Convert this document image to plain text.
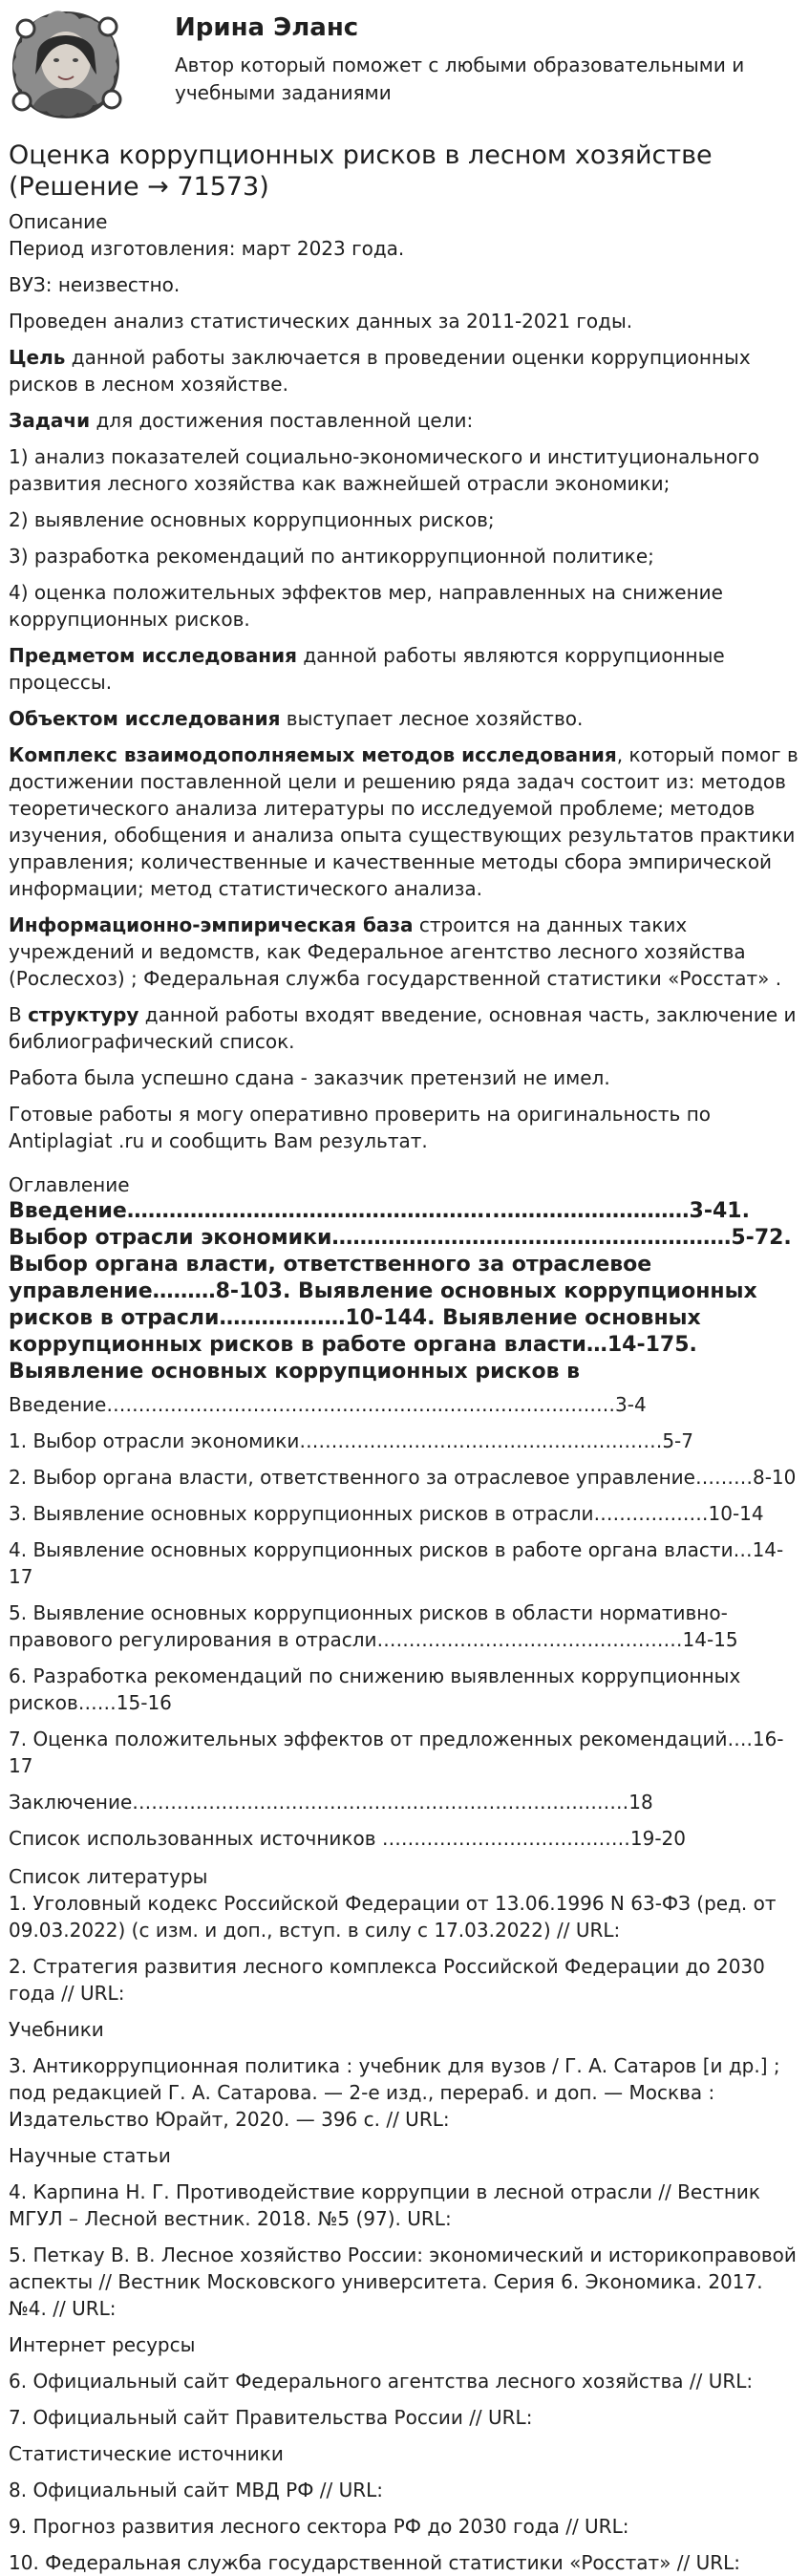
Ирина Эланс
Автор который поможет с любыми образовательными и учебными заданиями
Оценка коррупционных рисков в лесном хозяйстве (Решение → 71573)
Описание

Период изготовления: март 2023 года.

ВУЗ: неизвестно.

Проведен анализ статистических данных за 2011-2021 годы.

Цель данной работы заключается в проведении оценки коррупционных рисков в лесном хозяйстве.

Задачи для достижения поставленной цели:

1) анализ показателей социально-экономического и институционального развития лесного хозяйства как важнейшей отрасли экономики;

2) выявление основных коррупционных рисков;

3) разработка рекомендаций по антикоррупционной политике;

4) оценка положительных эффектов мер, направленных на снижение коррупционных рисков.

Предметом исследования данной работы являются коррупционные процессы.

Объектом исследования выступает лесное хозяйство.

Комплекс взаимодополняемых методов исследования, который помог в достижении поставленной цели и решению ряда задач состоит из: методов теоретического анализа литературы по исследуемой проблеме; методов изучения, обобщения и анализа опыта существующих результатов практики управления; количественные и качественные методы сбора эмпирической информации; метод статистического анализа.

Информационно-эмпирическая база строится на данных таких учреждений и ведомств, как Федеральное агентство лесного хозяйства (Рослесхоз) ; Федеральная служба государственной статистики «Росстат» .

В структуру данной работы входят введение, основная часть, заключение и библиографический список.

Работа была успешно сдана - заказчик претензий не имел.

Готовые работы я могу оперативно проверить на оригинальность по Antiplagiat .ru и сообщить Вам результат.

Оглавление
Введение……………………………………………..………………………3-41. Выбор отрасли экономики…………………………………………………5-72. Выбор органа власти, ответственного за отраслевое управление………8-103. Выявление основных коррупционных рисков в отрасли………………10-144. Выявление основных коррупционных рисков в работе органа власти…14-175. Выявление основных коррупционных рисков в

Введение……………………………………………..………………………3-4

1. Выбор отрасли экономики…………………………………………………5-7

2. Выбор органа власти, ответственного за отраслевое управление………8-10

3. Выявление основных коррупционных рисков в отрасли………………10-14

4. Выявление основных коррупционных рисков в работе органа власти…14-17

5. Выявление основных коррупционных рисков в области нормативно-правового регулирования в отрасли…………………………………………14-15

6. Разработка рекомендаций по снижению выявленных коррупционных рисков……15-16

7. Оценка положительных эффектов от предложенных рекомендаций….16-17

Заключение……………………………………………………………………18

Список использованных источников …………………………………19-20

Список литературы

1. Уголовный кодекс Российской Федерации от 13.06.1996 N 63-ФЗ (ред. от 09.03.2022) (с изм. и доп., вступ. в силу с 17.03.2022) // URL:

2. Стратегия развития лесного комплекса Российской Федерации до 2030 года // URL:

Учебники

3. Антикоррупционная политика : учебник для вузов / Г. А. Сатаров [и др.] ; под редакцией Г. А. Сатарова. — 2-е изд., перераб. и доп. — Москва : Издательство Юрайт, 2020. — 396 с. // URL:

Научные статьи

4. Карпина Н. Г. Противодействие коррупции в лесной отрасли // Вестник МГУЛ – Лесной вестник. 2018. №5 (97). URL:

5. Петкау В. В. Лесное хозяйство России: экономический и историкоправовой аспекты // Вестник Московского университета. Серия 6. Экономика. 2017. №4. // URL:

Интернет ресурсы

6. Официальный сайт Федерального агентства лесного хозяйства // URL:

7. Официальный сайт Правительства России // URL:

Статистические источники

8. Официальный сайт МВД РФ // URL:

9. Прогноз развития лесного сектора РФ до 2030 года // URL:

10. Федеральная служба государственной статистики «Росстат» // URL:
